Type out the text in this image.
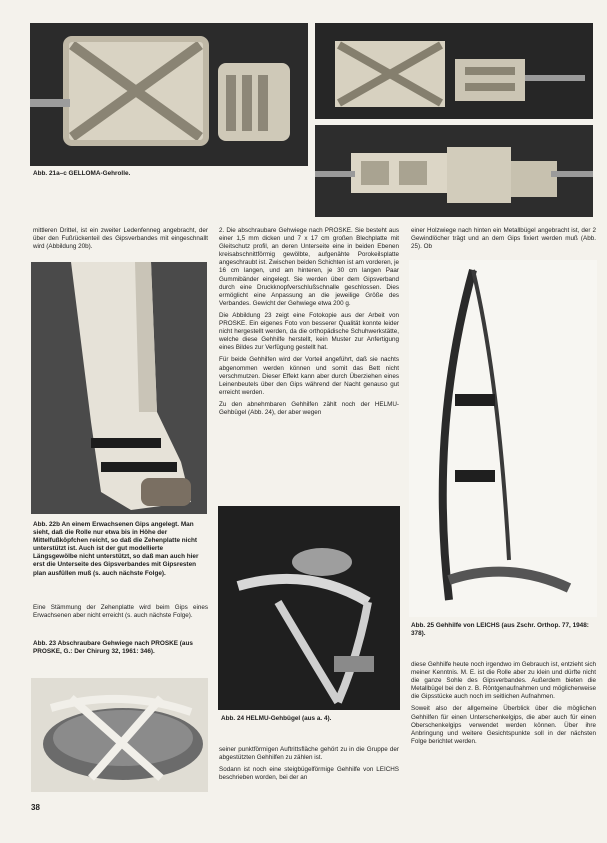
Abb. 21a–c GELLOMA-Gehrolle.
mittleren Drittel, ist ein zweiter Ledenfenneg angebracht, der über den Fußrückenteil des Gipsverbandes mit eingeschnallt wird (Abbildung 20b).
Abb. 22b An einem Erwachsenen Gips angelegt. Man sieht, daß die Rolle nur etwa bis in Höhe der Mittelfußköpfchen reicht, so daß die Zehenplatte nicht unterstützt ist. Auch ist der gut modellierte Längsgewölbe nicht unterstützt, so daß man auch hier erst die Unterseite des Gipsverbandes mit Gipsresten plan ausfüllen muß (s. auch nächste Folge).
Eine Stämmung der Zehenplatte wird beim Gips eines Erwachsenen aber nicht erreicht (s. auch nächste Folge).
Abb. 23 Abschraubare Gehwiege nach PROSKE (aus PROSKE, G.: Der Chirurg 32, 1961: 346).
38

2. Die abschraubare Gehwiege nach PROSKE. Sie besteht aus einer 1,5 mm dicken und 7 x 17 cm großen Blechplatte mit Gleitschutz profil, an deren Unterseite eine in beiden Ebenen kreisabschnittförmig gewölbte, aufgenähte Porokeilsplatte angeschraubt ist. Zwischen beiden Schichten ist am vorderen, je 16 cm langen, und am hinteren, je 30 cm langen Paar Gummibänder eingelegt. Sie werden über dem Gipsverband durch eine Druckknopfverschlußschnalle geschlossen. Dies ermöglicht eine Anpassung an die jeweilige Größe des Verbandes. Gewicht der Gehwiege etwa 200 g.

Die Abbildung 23 zeigt eine Fotokopie aus der Arbeit von PROSKE. Ein eigenes Foto von besserer Qualität konnte leider nicht hergestellt werden, da die orthopädische Schuhwerkstätte, welche diese Gehhilfe herstellt, kein Muster zur Anfertigung eines Bildes zur Verfügung gestellt hat.

Für beide Gehhilfen wird der Vorteil angeführt, daß sie nachts abgenommen werden können und somit das Bett nicht verschmutzen. Dieser Effekt kann aber durch Überziehen eines Leinenbeutels über den Gips während der Nacht genauso gut erreicht werden.

Zu den abnehmbaren Gehhilfen zählt noch der HELMU-Gehbügel (Abb. 24), der aber wegen

Abb. 24 HELMU-Gehbügel (aus a. 4).

seiner punktförmigen Auftrittsfläche gehört zu in die Gruppe der abgestützten Gehhilfen zu zählen ist.

Sodann ist noch eine steigbügelförmige Gehhilfe von LEICHS beschrieben worden, bei der an

einer Holzwiege nach hinten ein Metallbügel angebracht ist, der 2 Gewindlöcher trägt und an dem Gips fixiert werden muß (Abb. 25). Ob
Abb. 25 Gehhilfe von LEICHS (aus Zschr. Orthop. 77, 1948: 378).

diese Gehhilfe heute noch irgendwo im Gebrauch ist, entzieht sich meiner Kenntnis. M. E. ist die Rolle aber zu klein und dürfte nicht die ganze Sohle des Gipsverbandes. Außerdem bieten die Metallbügel bei den z. B. Röntgenaufnahmen und möglicherweise die Gipsstücke auch noch im seitlichen Aufnahmen.

Soweit also der allgemeine Überblick über die möglichen Gehhilfen für einen Unterschenkelgips, die aber auch für einen Oberschenkelgips verwendet werden können. Über ihre Anbringung und weitere Gesichtspunkte soll in der nächsten Folge berichtet werden.
